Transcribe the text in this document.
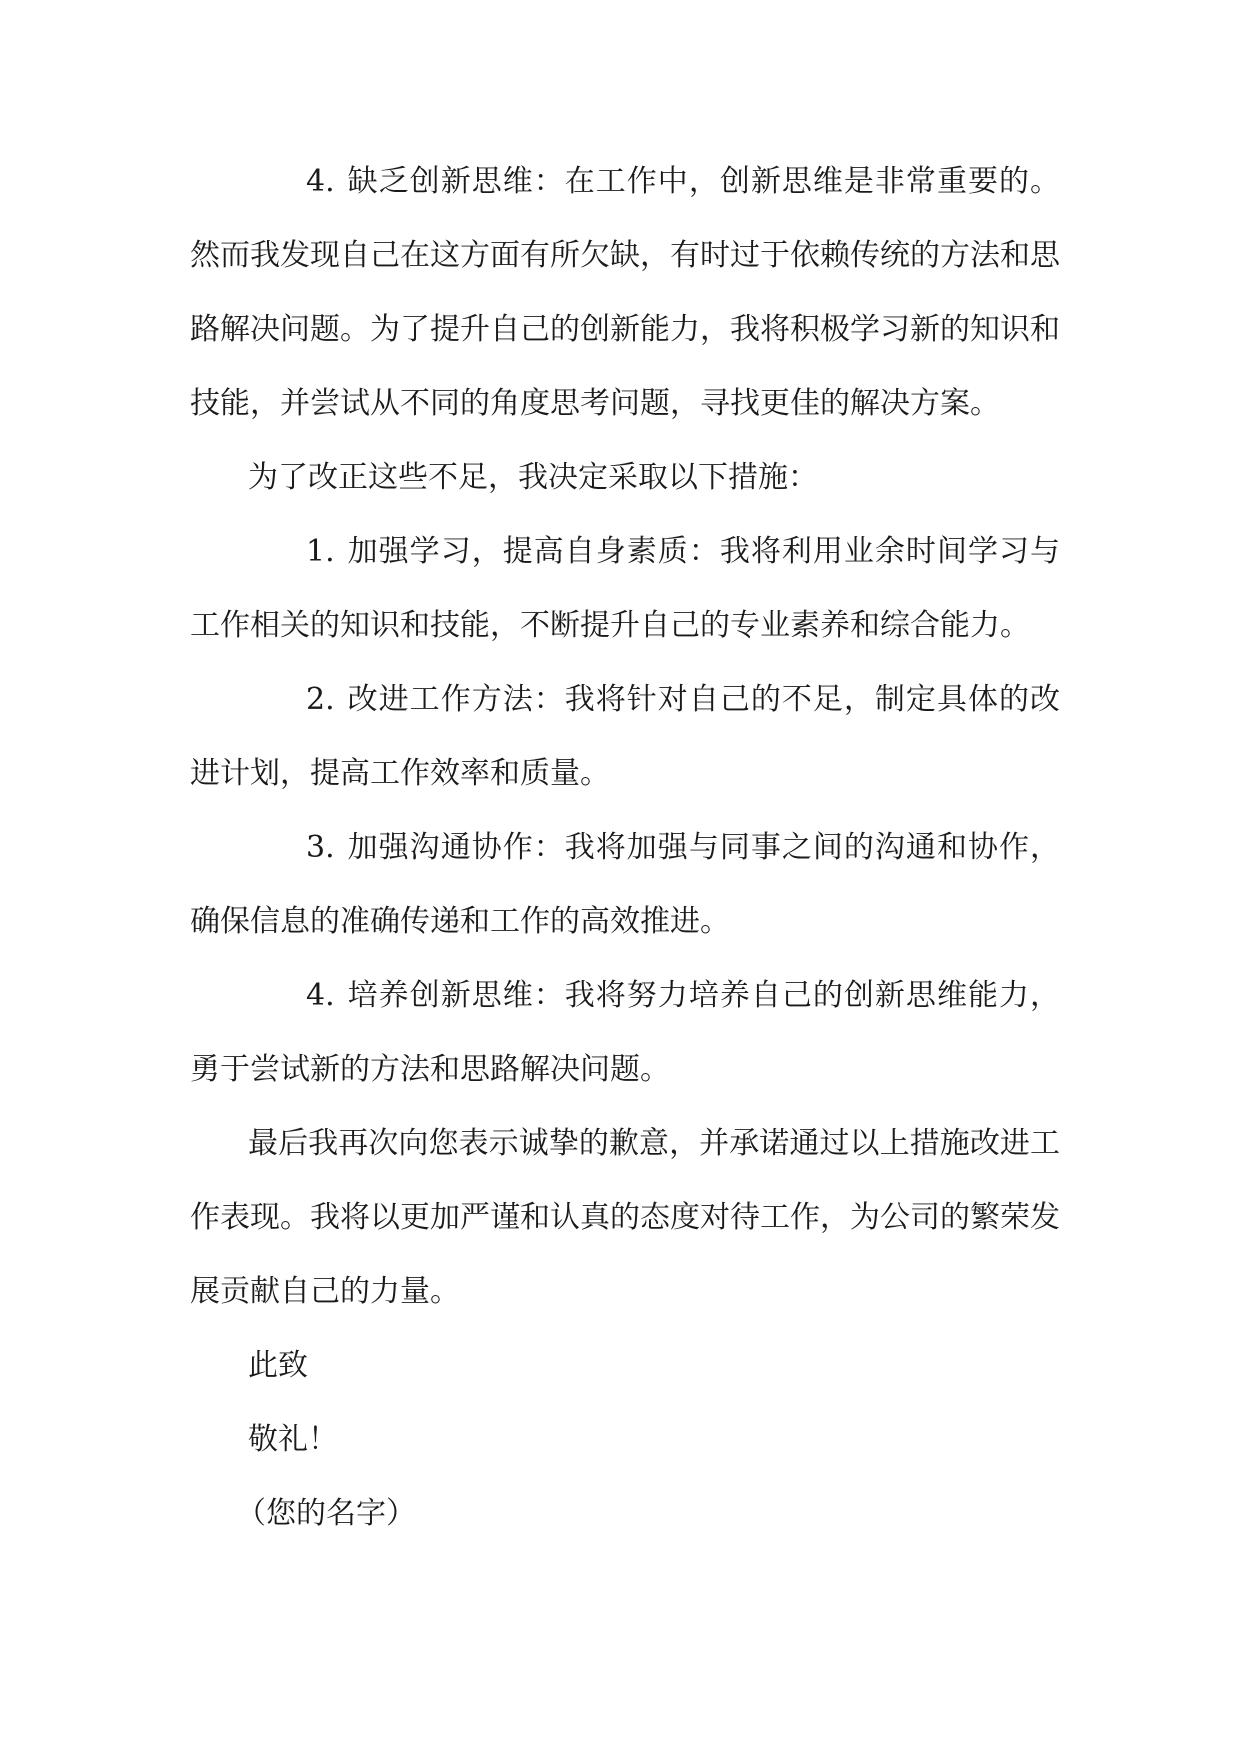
4. 缺乏创新思维：在工作中，创新思维是非常重要的。然而我发现自己在这方面有所欠缺，有时过于依赖传统的方法和思路解决问题。为了提升自己的创新能力，我将积极学习新的知识和技能，并尝试从不同的角度思考问题，寻找更佳的解决方案。

为了改正这些不足，我决定采取以下措施：

1. 加强学习，提高自身素质：我将利用业余时间学习与工作相关的知识和技能，不断提升自己的专业素养和综合能力。

2. 改进工作方法：我将针对自己的不足，制定具体的改进计划，提高工作效率和质量。

3. 加强沟通协作：我将加强与同事之间的沟通和协作，确保信息的准确传递和工作的高效推进。

4. 培养创新思维：我将努力培养自己的创新思维能力，勇于尝试新的方法和思路解决问题。

最后我再次向您表示诚挚的歉意，并承诺通过以上措施改进工作表现。我将以更加严谨和认真的态度对待工作，为公司的繁荣发展贡献自己的力量。

此致

敬礼！

（您的名字）
